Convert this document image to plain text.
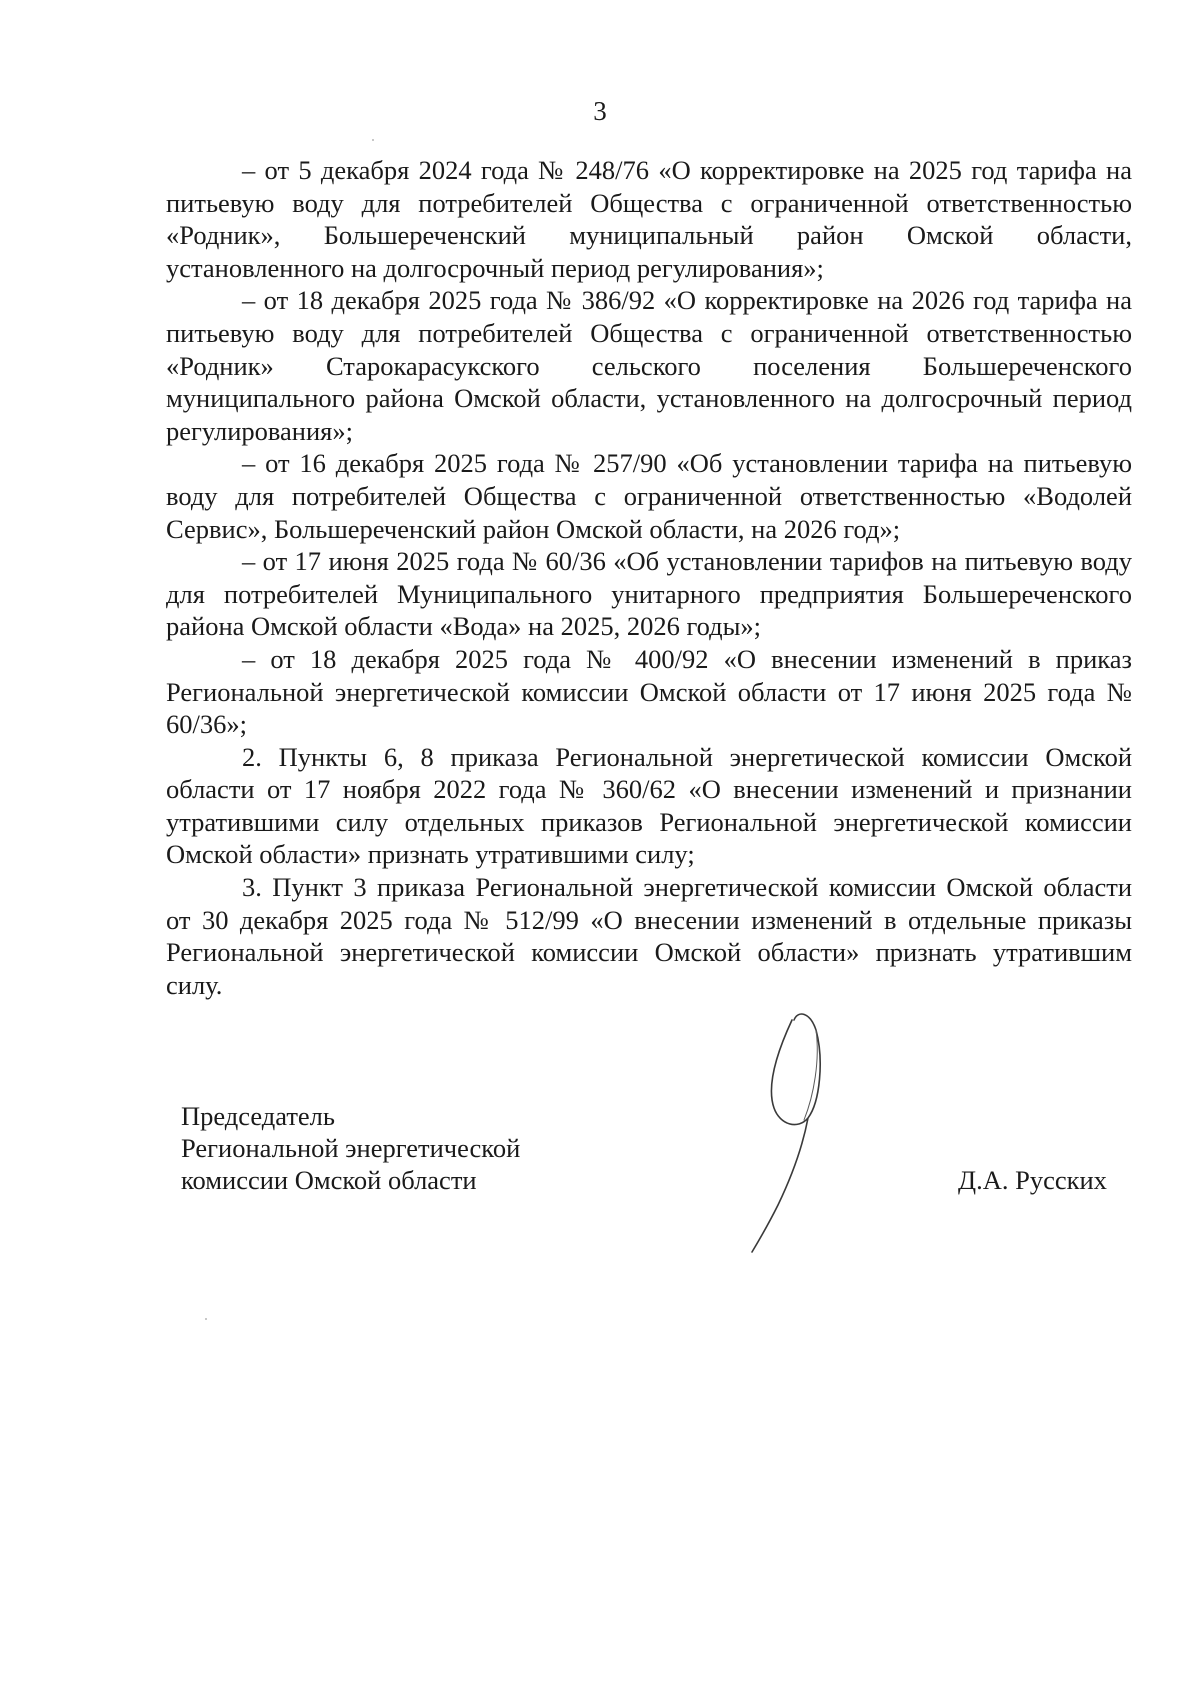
3

– от 5 декабря 2024 года № 248/76 «О корректировке на 2025 год тарифа на питьевую воду для потребителей Общества с ограниченной ответственностью «Родник», Большереченский муниципальный район Омской области, установленного на долгосрочный период регулирования»;

– от 18 декабря 2025 года № 386/92 «О корректировке на 2026 год тарифа на питьевую воду для потребителей Общества с ограниченной ответственностью «Родник» Старокарасукского сельского поселения Большереченского муниципального района Омской области, установленного на долгосрочный период регулирования»;

– от 16 декабря 2025 года № 257/90 «Об установлении тарифа на питьевую воду для потребителей Общества с ограниченной ответственностью «Водолей Сервис», Большереченский район Омской области, на 2026 год»;

– от 17 июня 2025 года № 60/36 «Об установлении тарифов на питьевую воду для потребителей Муниципального унитарного предприятия Большереченского района Омской области «Вода» на 2025, 2026 годы»;

– от 18 декабря 2025 года № 400/92 «О внесении изменений в приказ Региональной энергетической комиссии Омской области от 17 июня 2025 года № 60/36»;

2. Пункты 6, 8 приказа Региональной энергетической комиссии Омской области от 17 ноября 2022 года № 360/62 «О внесении изменений и признании утратившими силу отдельных приказов Региональной энергетической комиссии Омской области» признать утратившими силу;

3. Пункт 3 приказа Региональной энергетической комиссии Омской области от 30 декабря 2025 года № 512/99 «О внесении изменений в отдельные приказы Региональной энергетической комиссии Омской области» признать утратившим силу.

Председатель
Региональной энергетической
комиссии Омской области	Д.А. Русских
